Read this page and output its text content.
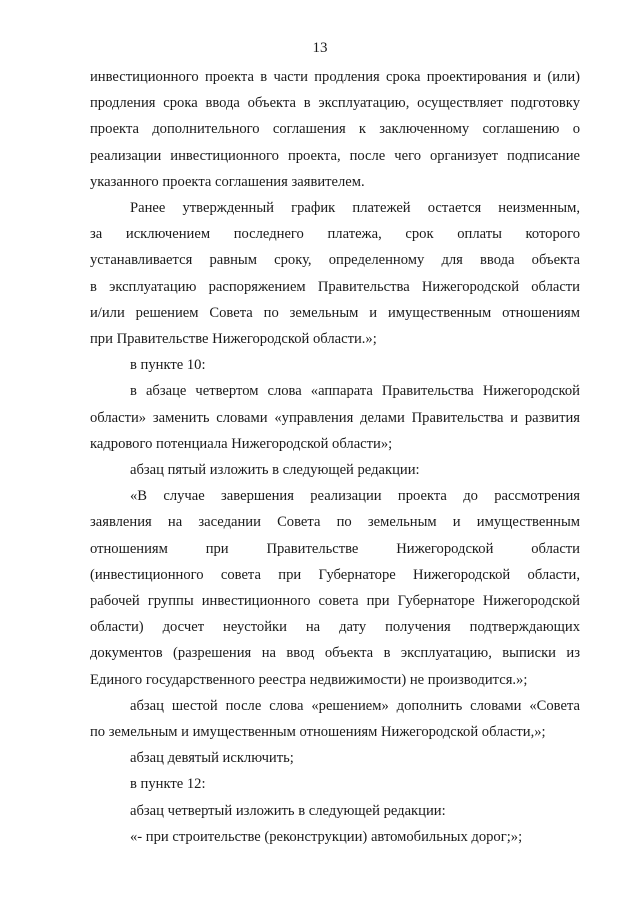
13
инвестиционного проекта в части продления срока проектирования и (или)
продления срока ввода объекта в эксплуатацию, осуществляет подготовку
проекта дополнительного соглашения к заключенному соглашению о
реализации инвестиционного проекта, после чего организует подписание
указанного проекта соглашения заявителем.
Ранее утвержденный график платежей остается неизменным,
за исключением последнего платежа, срок оплаты которого
устанавливается равным сроку, определенному для ввода объекта
в эксплуатацию распоряжением Правительства Нижегородской области
и/или решением Совета по земельным и имущественным отношениям
при Правительстве Нижегородской области.»;
в пункте 10:
в абзаце четвертом слова «аппарата Правительства Нижегородской
области» заменить словами «управления делами Правительства и развития
кадрового потенциала Нижегородской области»;
абзац пятый изложить в следующей редакции:
«В случае завершения реализации проекта до рассмотрения
заявления на заседании Совета по земельным и имущественным
отношениям при Правительстве Нижегородской области
(инвестиционного совета при Губернаторе Нижегородской области,
рабочей группы инвестиционного совета при Губернаторе Нижегородской
области) досчет неустойки на дату получения подтверждающих
документов (разрешения на ввод объекта в эксплуатацию, выписки из
Единого государственного реестра недвижимости) не производится.»;
абзац шестой после слова «решением» дополнить словами «Совета
по земельным и имущественным отношениям Нижегородской области,»;
абзац девятый исключить;
в пункте 12:
абзац четвертый изложить в следующей редакции:
«- при строительстве (реконструкции) автомобильных дорог;»;
